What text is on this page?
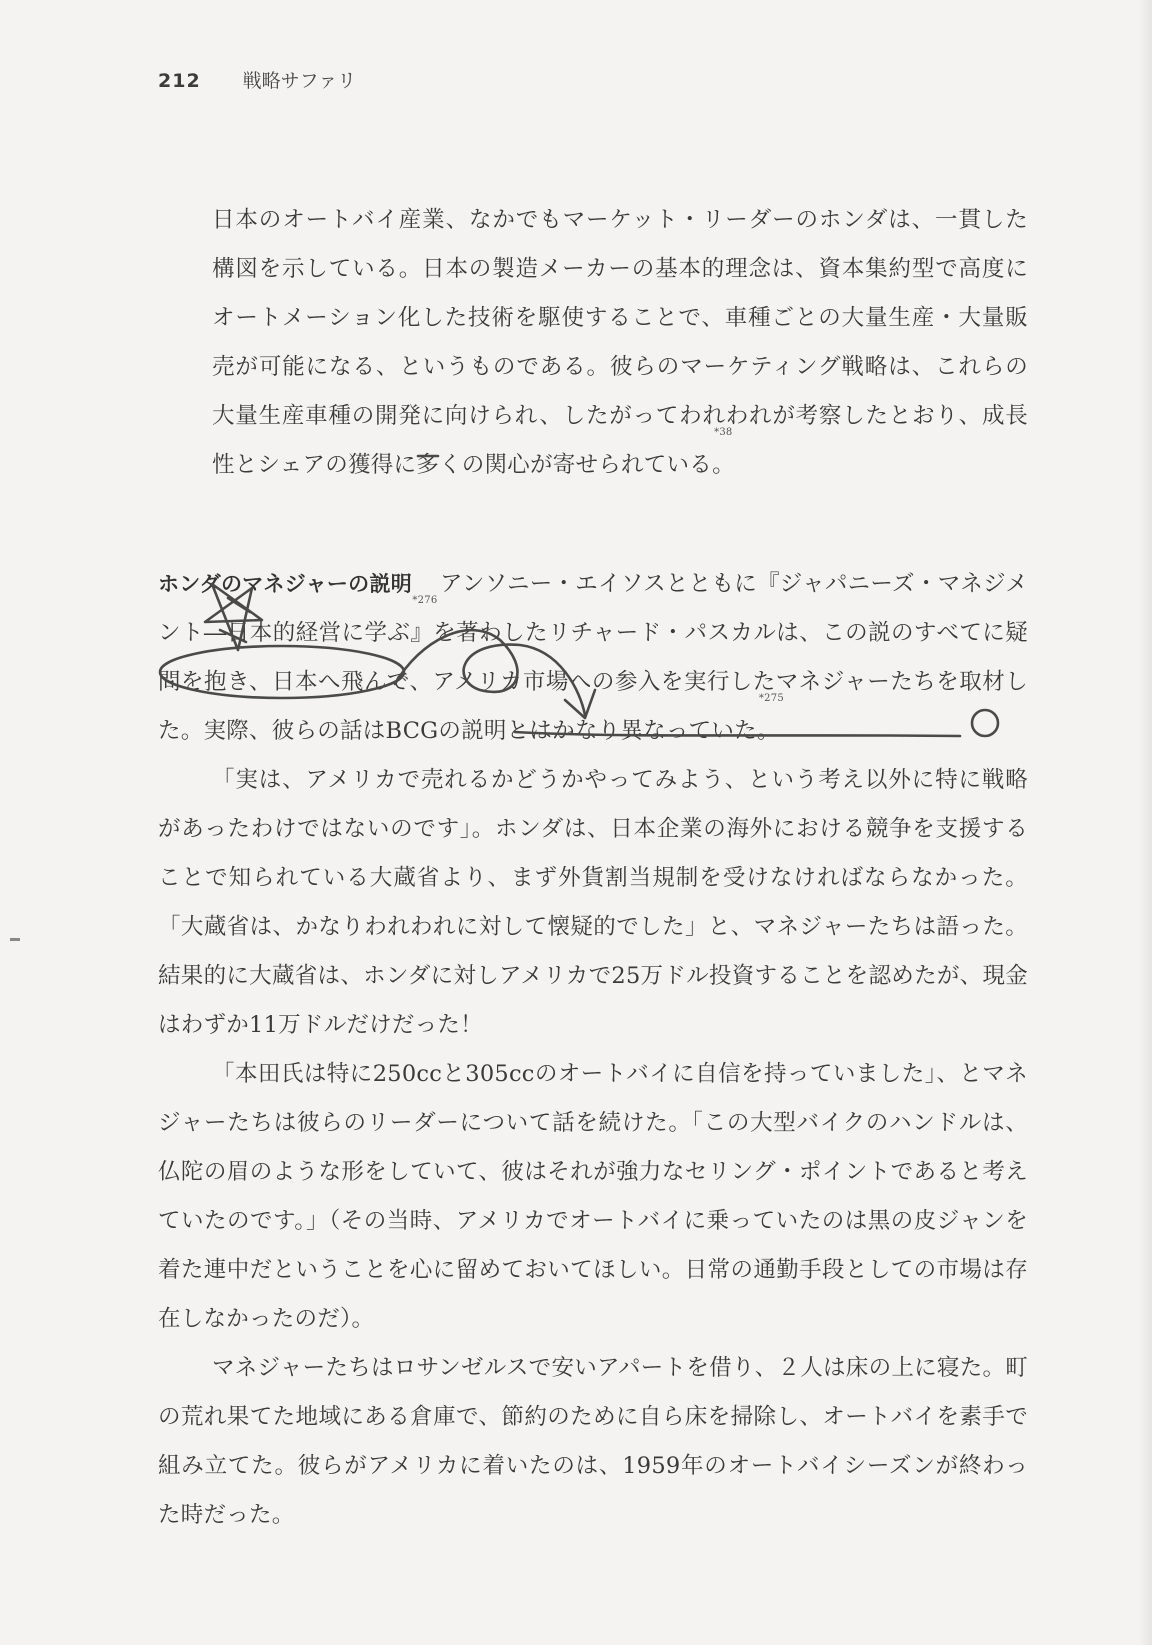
212 戦略サファリ

日本のオートバイ産業、なかでもマーケット・リーダーのホンダは、一貫した構図を示している。日本の製造メーカーの基本的理念は、資本集約型で高度にオートメーション化した技術を駆使することで、車種ごとの大量生産・大量販売が可能になる、というものである。彼らのマーケティング戦略は、これらの大量生産車種の開発に向けられ、したがってわれわれが考察したとおり、成長性とシェアの獲得に多くの関心が寄せられている
*38
。

ホンダのマネジャーの説明 アンソニー・エイソスとともに『ジャパニーズ・マネジメント―日本的経営に学ぶ
*276
』を著わしたリチャード・パスカルは、この説のすべてに疑問を抱き、日本へ飛んで、アメリカ市場への参入を実行したマネジャーたちを取材した。実際、彼らの話はBCGの説明とはかなり異なっていた
*275
。

「実は、アメリカで売れるかどうかやってみよう、という考え以外に特に戦略があったわけではないのです」。ホンダは、日本企業の海外における競争を支援することで知られている大蔵省より、まず外貨割当規制を受けなければならなかった。「大蔵省は、かなりわれわれに対して懐疑的でした」と、マネジャーたちは語った。結果的に大蔵省は、ホンダに対しアメリカで25万ドル投資することを認めたが、現金はわずか11万ドルだけだった！

「本田氏は特に250ccと305ccのオートバイに自信を持っていました」、とマネジャーたちは彼らのリーダーについて話を続けた。「この大型バイクのハンドルは、仏陀の眉のような形をしていて、彼はそれが強力なセリング・ポイントであると考えていたのです。」（その当時、アメリカでオートバイに乗っていたのは黒の皮ジャンを着た連中だということを心に留めておいてほしい。日常の通勤手段としての市場は存在しなかったのだ）。

マネジャーたちはロサンゼルスで安いアパートを借り、２人は床の上に寝た。町の荒れ果てた地域にある倉庫で、節約のために自ら床を掃除し、オートバイを素手で組み立てた。彼らがアメリカに着いたのは、1959年のオートバイシーズンが終わった時だった。
